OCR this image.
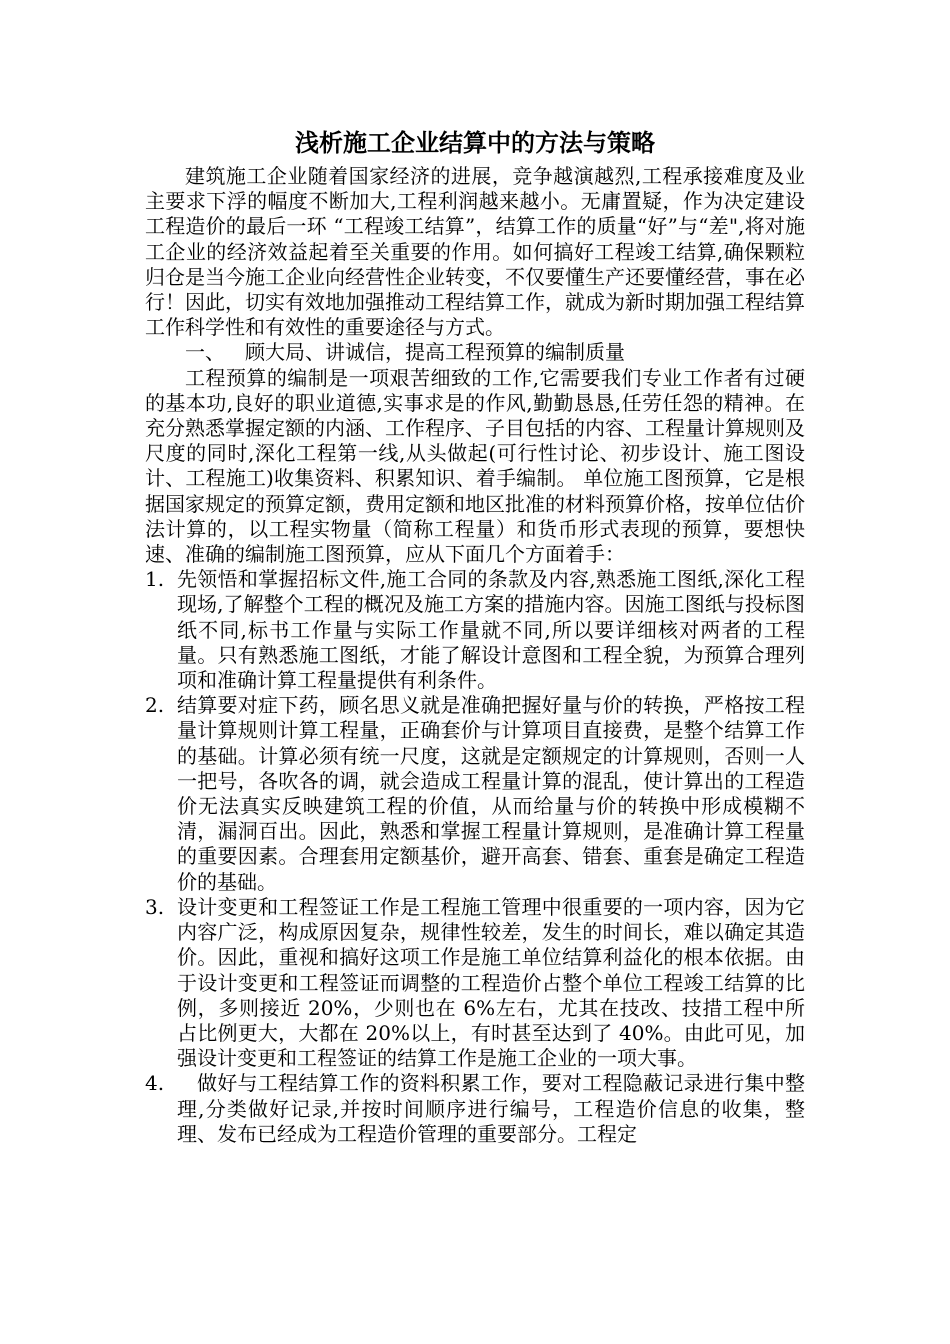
浅析施工企业结算中的方法与策略

建筑施工企业随着国家经济的进展，竞争越演越烈,工程承接难度及业主要求下浮的幅度不断加大,工程利润越来越小。无庸置疑，作为决定建设工程造价的最后一环 “工程竣工结算”，结算工作的质量“好”与“差",将对施工企业的经济效益起着至关重要的作用。如何搞好工程竣工结算,确保颗粒归仓是当今施工企业向经营性企业转变，不仅要懂生产还要懂经营，事在必行！因此，切实有效地加强推动工程结算工作，就成为新时期加强工程结算工作科学性和有效性的重要途径与方式。

一、 顾大局、讲诚信，提高工程预算的编制质量

工程预算的编制是一项艰苦细致的工作,它需要我们专业工作者有过硬的基本功,良好的职业道德,实事求是的作风,勤勤恳恳,任劳任怨的精神。在充分熟悉掌握定额的内涵、工作程序、子目包括的内容、工程量计算规则及尺度的同时,深化工程第一线,从头做起(可行性讨论、初步设计、施工图设计、工程施工)收集资料、积累知识、着手编制。 单位施工图预算，它是根据国家规定的预算定额，费用定额和地区批准的材料预算价格，按单位估价法计算的，以工程实物量（简称工程量）和货币形式表现的预算，要想快速、准确的编制施工图预算，应从下面几个方面着手：

1. 先领悟和掌握招标文件,施工合同的条款及内容,熟悉施工图纸,深化工程现场,了解整个工程的概况及施工方案的措施内容。因施工图纸与投标图纸不同,标书工作量与实际工作量就不同,所以要详细核对两者的工程量。只有熟悉施工图纸，才能了解设计意图和工程全貌，为预算合理列项和准确计算工程量提供有利条件。
2. 结算要对症下药，顾名思义就是准确把握好量与价的转换，严格按工程量计算规则计算工程量，正确套价与计算项目直接费，是整个结算工作的基础。计算必须有统一尺度，这就是定额规定的计算规则，否则一人一把号，各吹各的调，就会造成工程量计算的混乱，使计算出的工程造价无法真实反映建筑工程的价值，从而给量与价的转换中形成模糊不清，漏洞百出。因此，熟悉和掌握工程量计算规则，是准确计算工程量的重要因素。合理套用定额基价，避开高套、错套、重套是确定工程造价的基础。
3. 设计变更和工程签证工作是工程施工管理中很重要的一项内容，因为它内容广泛，构成原因复杂，规律性较差，发生的时间长，难以确定其造价。因此，重视和搞好这项工作是施工单位结算利益化的根本依据。由于设计变更和工程签证而调整的工程造价占整个单位工程竣工结算的比例，多则接近 20%，少则也在 6%左右，尤其在技改、技措工程中所占比例更大，大都在 20%以上，有时甚至达到了 40%。由此可见，加强设计变更和工程签证的结算工作是施工企业的一项大事。
4.	做好与工程结算工作的资料积累工作，要对工程隐蔽记录进行集中整理,分类做好记录,并按时间顺序进行编号，工程造价信息的收集，整理、发布已经成为工程造价管理的重要部分。工程定
